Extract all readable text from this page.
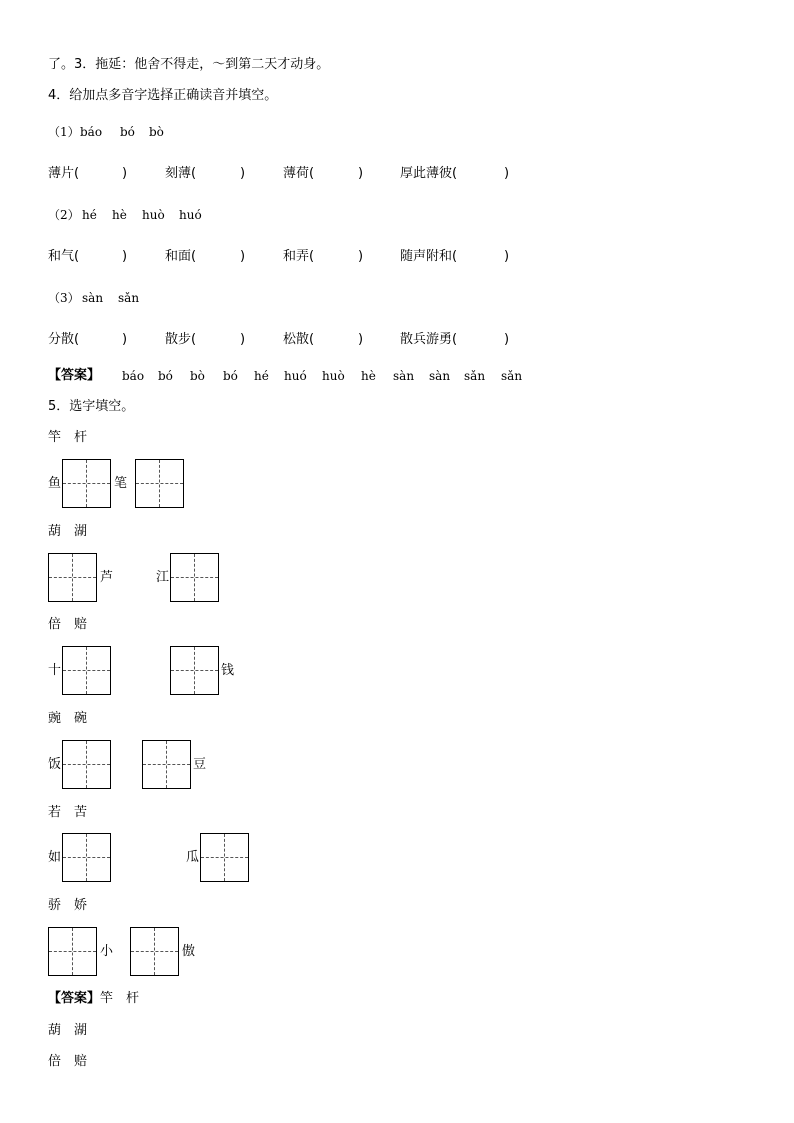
了。3．拖延：他舍不得走，～到第二天才动身。
4．给加点多音字选择正确读音并填空。
（1） báo bó bò
薄片(	)	刻薄(	)	薄荷(	)	厚此薄彼(	)
（2） hé hè huò huó
和气(	)	和面(	)	和弄(	)	随声附和(	)
（3） sàn sǎn
分散(	)	散步(	)	松散(	)	散兵游勇(	)
【答案】 báo bó bò bó hé huó huò hè sàn sàn sǎn sǎn
5．选字填空。
竿　杆
鱼	笔
葫　湖
芦	江
倍　赔
十	钱
豌　碗
饭	豆
若　苦
如	瓜
骄　娇
小	傲
【答案】竿　杆
葫　湖
倍　赔
